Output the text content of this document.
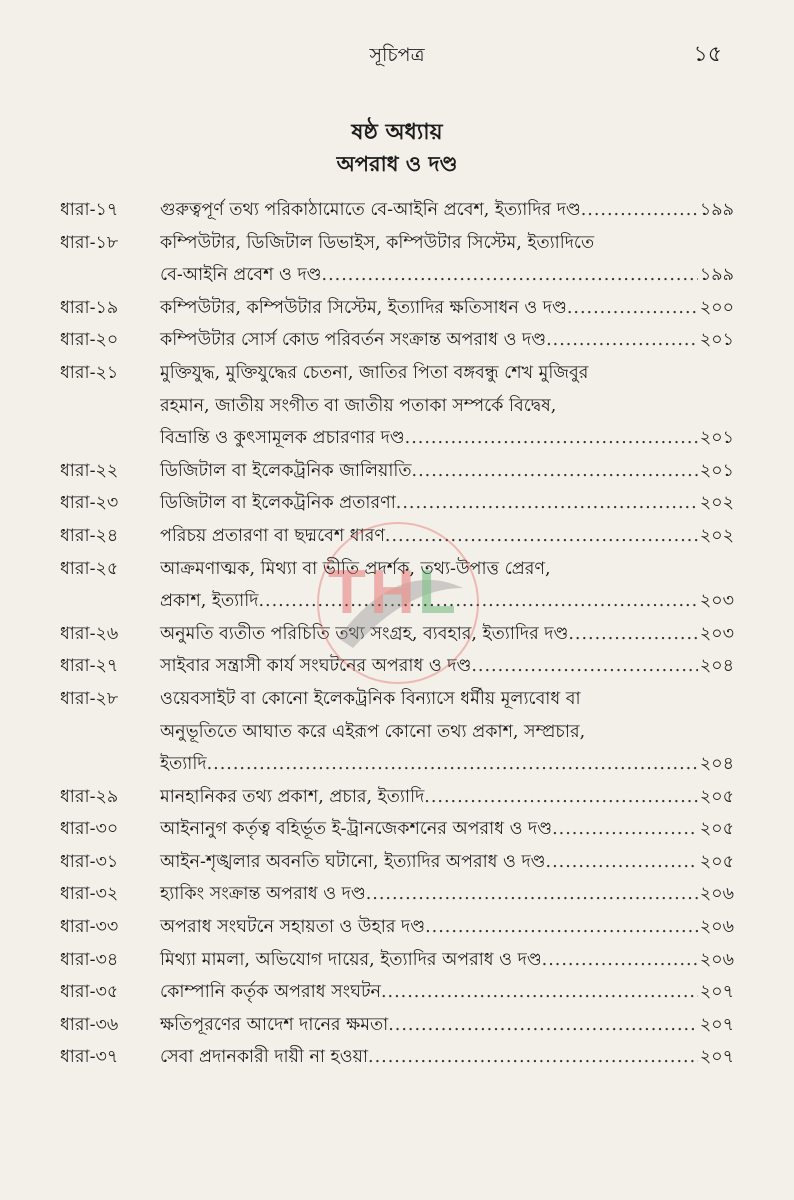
সূচিপত্র	১৫
ষষ্ঠ অধ্যায়
অপরাধ ও দণ্ড
ধারা-১৭	গুরুত্বপূর্ণ তথ্য পরিকাঠামোতে বে-আইনি প্রবেশ, ইত্যাদির দণ্ড .....	১৯৯
ধারা-১৮	কম্পিউটার, ডিজিটাল ডিভাইস, কম্পিউটার সিস্টেম, ইত্যাদিতে
বে-আইনি প্রবেশ ও দণ্ড .....	১৯৯
ধারা-১৯	কম্পিউটার, কম্পিউটার সিস্টেম, ইত্যাদির ক্ষতিসাধন ও দণ্ড .....	২০০
ধারা-২০	কম্পিউটার সোর্স কোড পরিবর্তন সংক্রান্ত অপরাধ ও দণ্ড .....	২০১
ধারা-২১	মুক্তিযুদ্ধ, মুক্তিযুদ্ধের চেতনা, জাতির পিতা বঙ্গবন্ধু শেখ মুজিবুর
রহমান, জাতীয় সংগীত বা জাতীয় পতাকা সম্পর্কে বিদ্বেষ,
বিভ্রান্তি ও কুৎসামূলক প্রচারণার দণ্ড .....	২০১
ধারা-২২	ডিজিটাল বা ইলেকট্রনিক জালিয়াতি .....	২০১
ধারা-২৩	ডিজিটাল বা ইলেকট্রনিক প্রতারণা .....	২০২
ধারা-২৪	পরিচয় প্রতারণা বা ছদ্মবেশ ধারণ .....	২০২
ধারা-২৫	আক্রমণাত্মক, মিথ্যা বা ভীতি প্রদর্শক, তথ্য-উপাত্ত প্রেরণ,
প্রকাশ, ইত্যাদি .....	২০৩
ধারা-২৬	অনুমতি ব্যতীত পরিচিতি তথ্য সংগ্রহ, ব্যবহার, ইত্যাদির দণ্ড .....	২০৩
ধারা-২৭	সাইবার সন্ত্রাসী কার্য সংঘটনের অপরাধ ও দণ্ড .....	২০৪
ধারা-২৮	ওয়েবসাইট বা কোনো ইলেকট্রনিক বিন্যাসে ধর্মীয় মূল্যবোধ বা
অনুভূতিতে আঘাত করে এইরূপ কোনো তথ্য প্রকাশ, সম্প্রচার,
ইত্যাদি .....	২০৪
ধারা-২৯	মানহানিকর তথ্য প্রকাশ, প্রচার, ইত্যাদি .....	২০৫
ধারা-৩০	আইনানুগ কর্তৃত্ব বহির্ভূত ই-ট্রানজেকশনের অপরাধ ও দণ্ড .....	২০৫
ধারা-৩১	আইন-শৃঙ্খলার অবনতি ঘটানো, ইত্যাদির অপরাধ ও দণ্ড .....	২০৫
ধারা-৩২	হ্যাকিং সংক্রান্ত অপরাধ ও দণ্ড .....	২০৬
ধারা-৩৩	অপরাধ সংঘটনে সহায়তা ও উহার দণ্ড .....	২০৬
ধারা-৩৪	মিথ্যা মামলা, অভিযোগ দায়ের, ইত্যাদির অপরাধ ও দণ্ড .....	২০৬
ধারা-৩৫	কোম্পানি কর্তৃক অপরাধ সংঘটন .....	২০৭
ধারা-৩৬	ক্ষতিপূরণের আদেশ দানের ক্ষমতা .....	২০৭
ধারা-৩৭	সেবা প্রদানকারী দায়ী না হওয়া .....	২০৭
T H L
